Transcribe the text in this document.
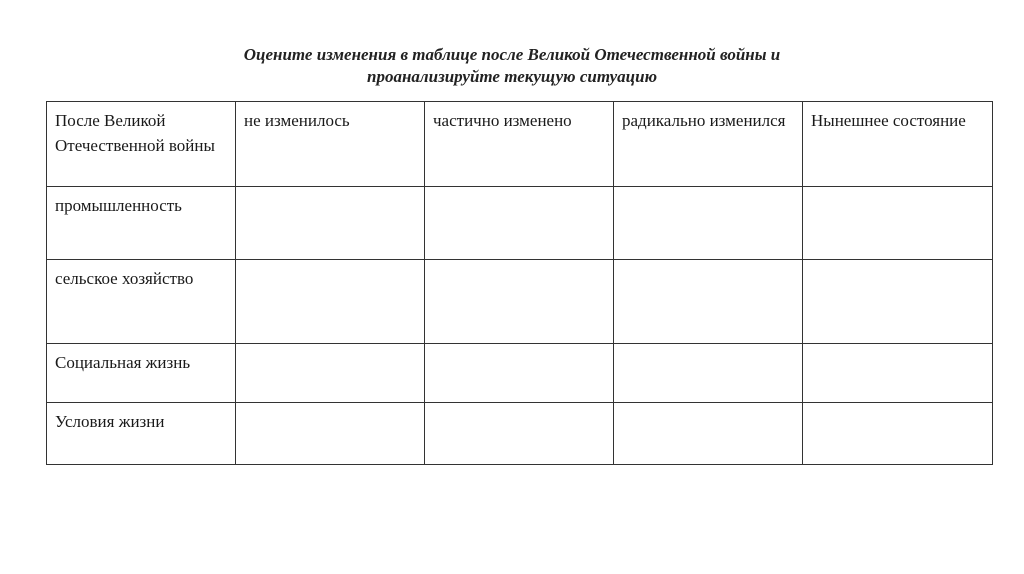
Оцените изменения в таблице после Великой Отечественной войны и
проанализируйте текущую ситуацию
После Великой Отечественной войны	не изменилось	частично изменено	радикально изменился	Нынешнее состояние
промышленность				
сельское хозяйство				
Социальная жизнь				
Условия жизни				
